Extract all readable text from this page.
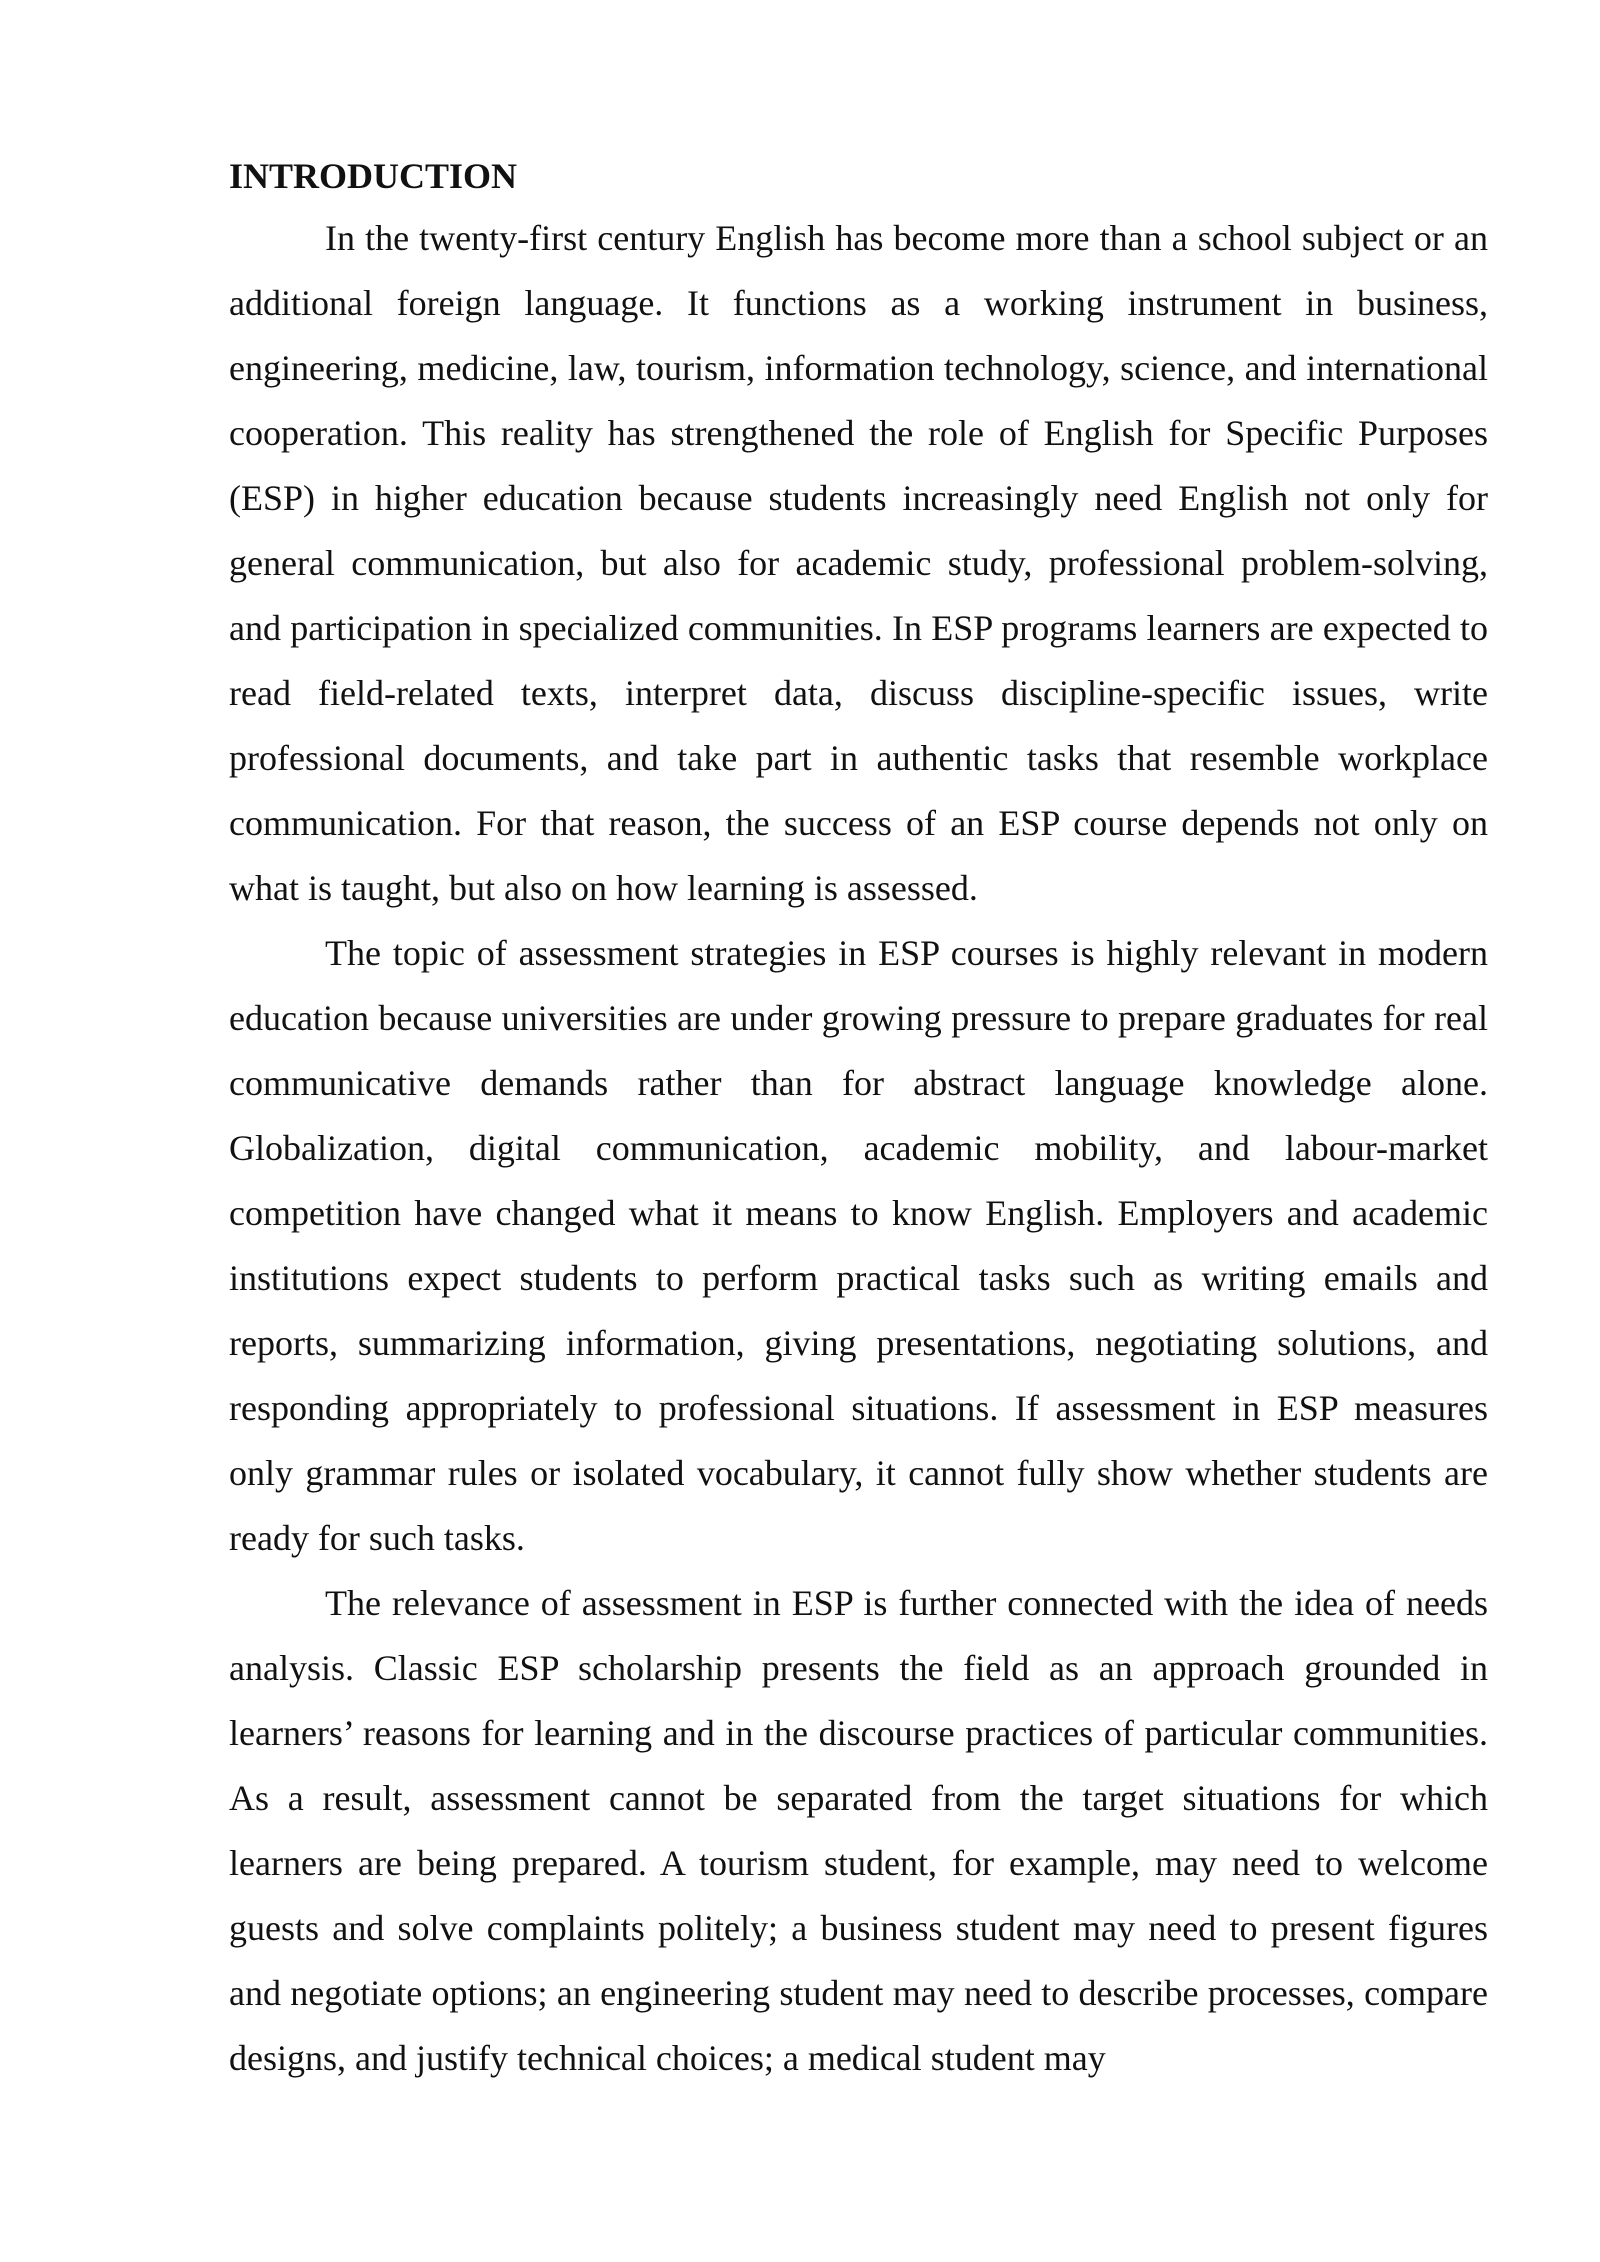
INTRODUCTION

In the twenty-first century English has become more than a school subject or an additional foreign language. It functions as a working instrument in business, engineering, medicine, law, tourism, information technology, science, and international cooperation. This reality has strengthened the role of English for Specific Purposes (ESP) in higher education because students increasingly need English not only for general communication, but also for academic study, professional problem-solving, and participation in specialized communities. In ESP programs learners are expected to read field-related texts, interpret data, discuss discipline-specific issues, write professional documents, and take part in authentic tasks that resemble workplace communication. For that reason, the success of an ESP course depends not only on what is taught, but also on how learning is assessed.

The topic of assessment strategies in ESP courses is highly relevant in modern education because universities are under growing pressure to prepare graduates for real communicative demands rather than for abstract language knowledge alone. Globalization, digital communication, academic mobility, and labour-market competition have changed what it means to know English. Employers and academic institutions expect students to perform practical tasks such as writing emails and reports, summarizing information, giving presentations, negotiating solutions, and responding appropriately to professional situations. If assessment in ESP measures only grammar rules or isolated vocabulary, it cannot fully show whether students are ready for such tasks.

The relevance of assessment in ESP is further connected with the idea of needs analysis. Classic ESP scholarship presents the field as an approach grounded in learners’ reasons for learning and in the discourse practices of particular communities. As a result, assessment cannot be separated from the target situations for which learners are being prepared. A tourism student, for example, may need to welcome guests and solve complaints politely; a business student may need to present figures and negotiate options; an engineering student may need to describe processes, compare designs, and justify technical choices; a medical student may
